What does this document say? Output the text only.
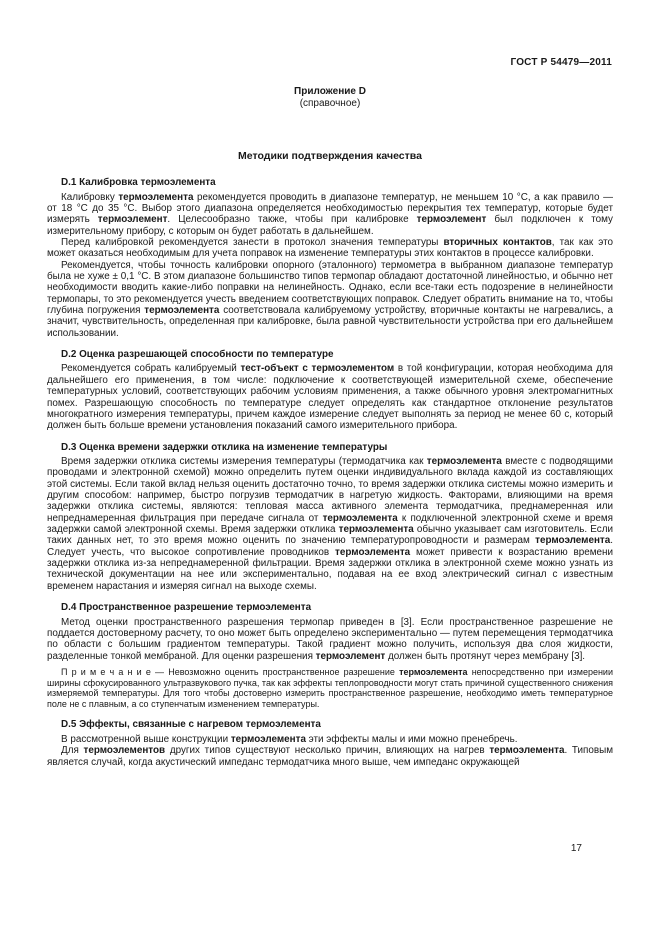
ГОСТ Р 54479—2011
Приложение D
(справочное)
Методики подтверждения качества
D.1 Калибровка термоэлемента

Калибровку термоэлемента рекомендуется проводить в диапазоне температур, не меньшем 10 °С, а как правило — от 18 °С до 35 °С. Выбор этого диапазона определяется необходимостью перекрытия тех температур, которые будет измерять термоэлемент. Целесообразно также, чтобы при калибровке термоэлемент был подключен к тому измерительному прибору, с которым он будет работать в дальнейшем.

Перед калибровкой рекомендуется занести в протокол значения температуры вторичных контактов, так как это может оказаться необходимым для учета поправок на изменение температуры этих контактов в процессе калибровки.

Рекомендуется, чтобы точность калибровки опорного (эталонного) термометра в выбранном диапазоне температур была не хуже ± 0,1 °С. В этом диапазоне большинство типов термопар обладают достаточной линейностью, и обычно нет необходимости вводить какие-либо поправки на нелинейность. Однако, если все-таки есть подозрение в нелинейности термопары, то это рекомендуется учесть введением соответствующих поправок. Следует обратить внимание на то, чтобы глубина погружения термоэлемента соответствовала калибруемому устройству, вторичные контакты не нагревались, а значит, чувствительность, определенная при калибровке, была равной чувствительности устройства при его дальнейшем использовании.

D.2 Оценка разрешающей способности по температуре

Рекомендуется собрать калибруемый тест-объект с термоэлементом в той конфигурации, которая необходима для дальнейшего его применения, в том числе: подключение к соответствующей измерительной схеме, обеспечение температурных условий, соответствующих рабочим условиям применения, а также обычного уровня электромагнитных помех. Разрешающую способность по температуре следует определять как стандартное отклонение результатов многократного измерения температуры, причем каждое измерение следует выполнять за период не менее 60 с, который должен быть больше времени установления показаний самого измерительного прибора.

D.3 Оценка времени задержки отклика на изменение температуры

Время задержки отклика системы измерения температуры (термодатчика как термоэлемента вместе с подводящими проводами и электронной схемой) можно определить путем оценки индивидуального вклада каждой из составляющих этой системы. Если такой вклад нельзя оценить достаточно точно, то время задержки отклика системы можно измерить и другим способом: например, быстро погрузив термодатчик в нагретую жидкость. Факторами, влияющими на время задержки отклика системы, являются: тепловая масса активного элемента термодатчика, преднамеренная или непреднамеренная фильтрация при передаче сигнала от термоэлемента к подключенной электронной схеме и время задержки самой электронной схемы. Время задержки отклика термоэлемента обычно указывает сам изготовитель. Если таких данных нет, то это время можно оценить по значению температуропроводности и размерам термоэлемента. Следует учесть, что высокое сопротивление проводников термоэлемента может привести к возрастанию времени задержки отклика из-за непреднамеренной фильтрации. Время задержки отклика в электронной схеме можно узнать из технической документации на нее или экспериментально, подавая на ее вход электрический сигнал с известным временем нарастания и измеряя сигнал на выходе схемы.

D.4 Пространственное разрешение термоэлемента

Метод оценки пространственного разрешения термопар приведен в [3]. Если пространственное разрешение не поддается достоверному расчету, то оно может быть определено экспериментально — путем перемещения термодатчика по области с большим градиентом температуры. Такой градиент можно получить, используя два слоя жидкости, разделенные тонкой мембраной. Для оценки разрешения термоэлемент должен быть протянут через мембрану [3].

П р и м е ч а н и е — Невозможно оценить пространственное разрешение термоэлемента непосредственно при измерении ширины сфокусированного ультразвукового пучка, так как эффекты теплопроводности могут стать причиной существенного снижения измеряемой температуры. Для того чтобы достоверно измерить пространственное разрешение, необходимо иметь температурное поле не с плавным, а со ступенчатым изменением температуры.

D.5 Эффекты, связанные с нагревом термоэлемента

В рассмотренной выше конструкции термоэлемента эти эффекты малы и ими можно пренебречь.

Для термоэлементов других типов существуют несколько причин, влияющих на нагрев термоэлемента. Типовым является случай, когда акустический импеданс термодатчика много выше, чем импеданс окружающей

17
